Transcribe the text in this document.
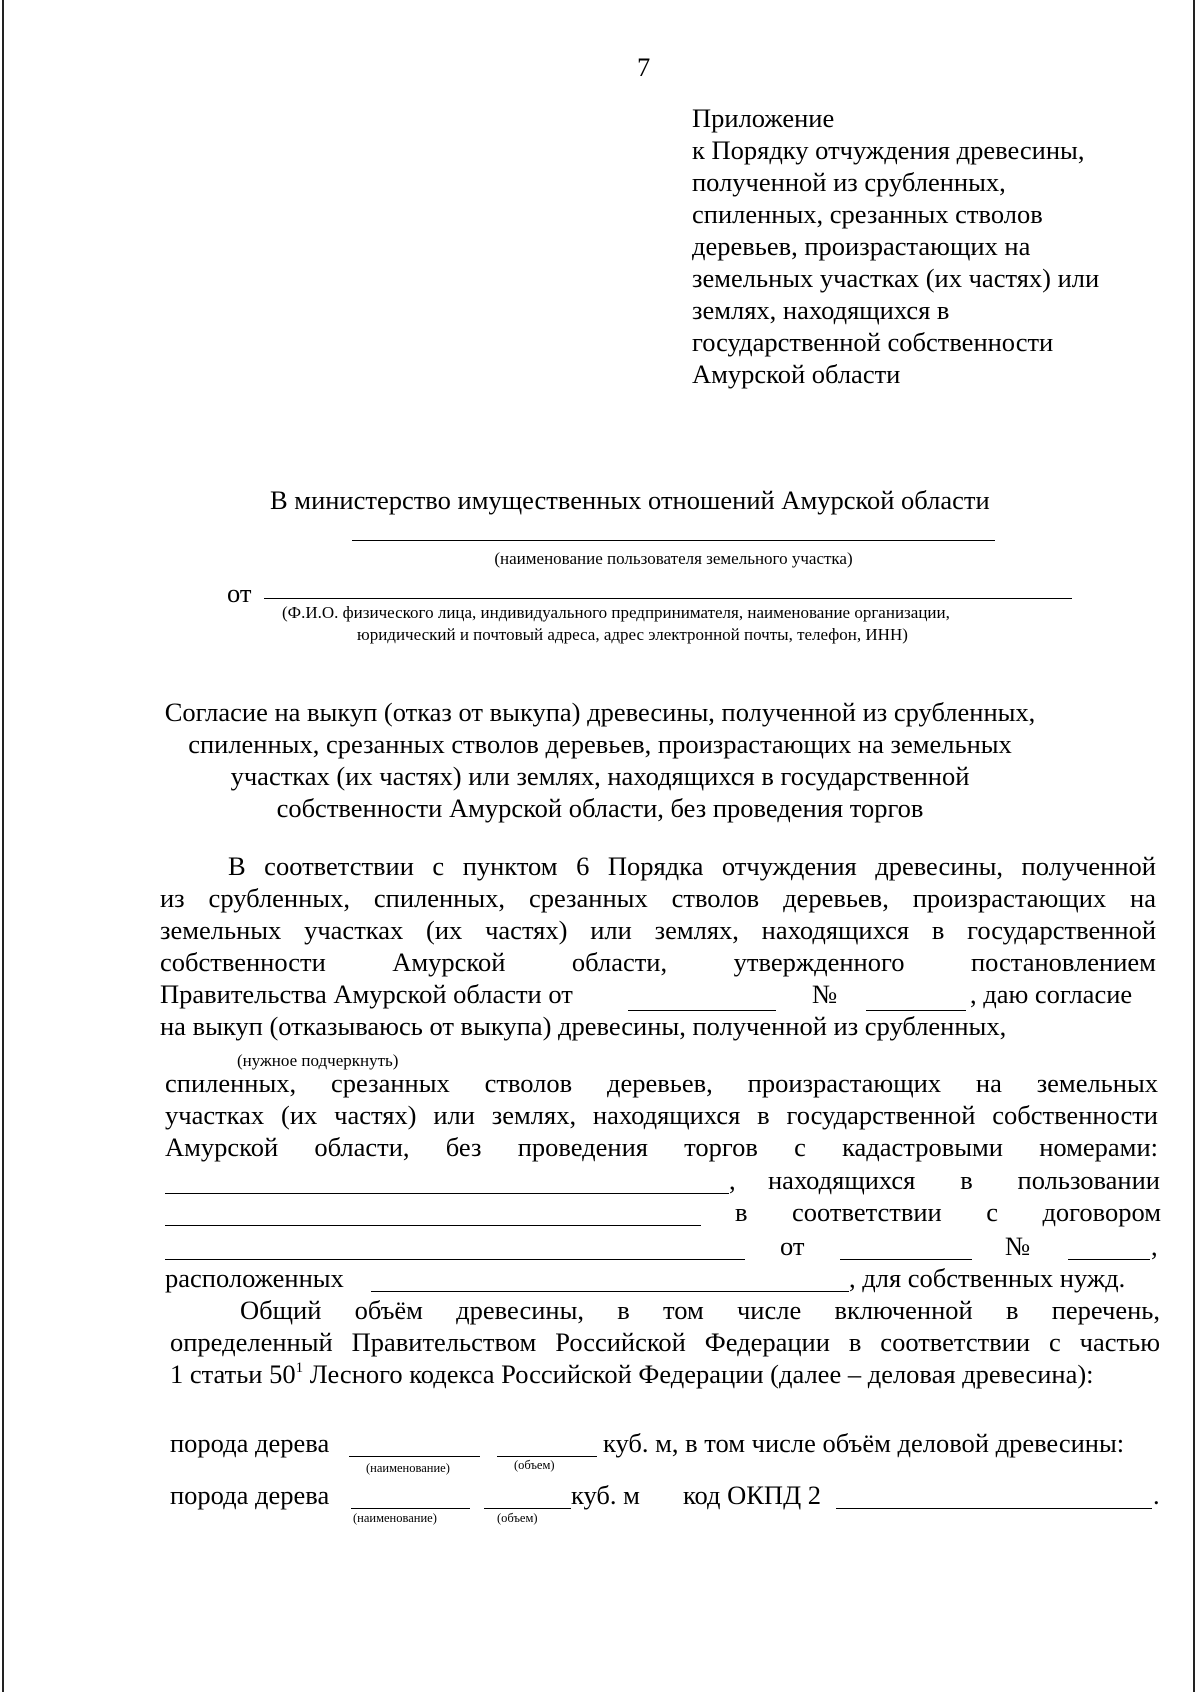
7
Приложение
к Порядку отчуждения древесины,
полученной из срубленных,
спиленных, срезанных стволов
деревьев, произрастающих на
земельных участках (их частях) или
землях, находящихся в
государственной собственности
Амурской области
В министерство имущественных отношений Амурской области
(наименование пользователя земельного участка)
от
(Ф.И.О. физического лица, индивидуального предпринимателя, наименование организации,
юридический и почтовый адреса, адрес электронной почты, телефон, ИНН)
Согласие на выкуп (отказ от выкупа) древесины, полученной из срубленных,
спиленных, срезанных стволов деревьев, произрастающих на земельных
участках (их частях) или землях, находящихся в государственной
собственности Амурской области, без проведения торгов
В соответствии с пунктом 6 Порядка отчуждения древесины, полученной
из срубленных, спиленных, срезанных стволов деревьев, произрастающих на
земельных участках (их частях) или землях, находящихся в государственной
собственности	Амурской	области,	утвержденного	постановлением
Правительства Амурской области от	№	, даю согласие
на выкуп (отказываюсь от выкупа) древесины, полученной из срубленных,
(нужное подчеркнуть)
спиленных, срезанных стволов деревьев, произрастающих на земельных
участках (их частях) или землях, находящихся в государственной собственности
Амурской области, без проведения торгов с кадастровыми номерами:
, находящихся в пользовании
в соответствии с договором
от	№	,
расположенных	, для собственных нужд.
Общий объём древесины, в том числе включенной в перечень,
определенный Правительством Российской Федерации в соответствии с частью
1 статьи $50^1$ Лесного кодекса Российской Федерации (далее – деловая древесина):
порода дерева	куб. м, в том числе объём деловой древесины:
(наименование)	(объем)
порода дерева	куб. м код ОКПД 2	.
(наименование)	(объем)
